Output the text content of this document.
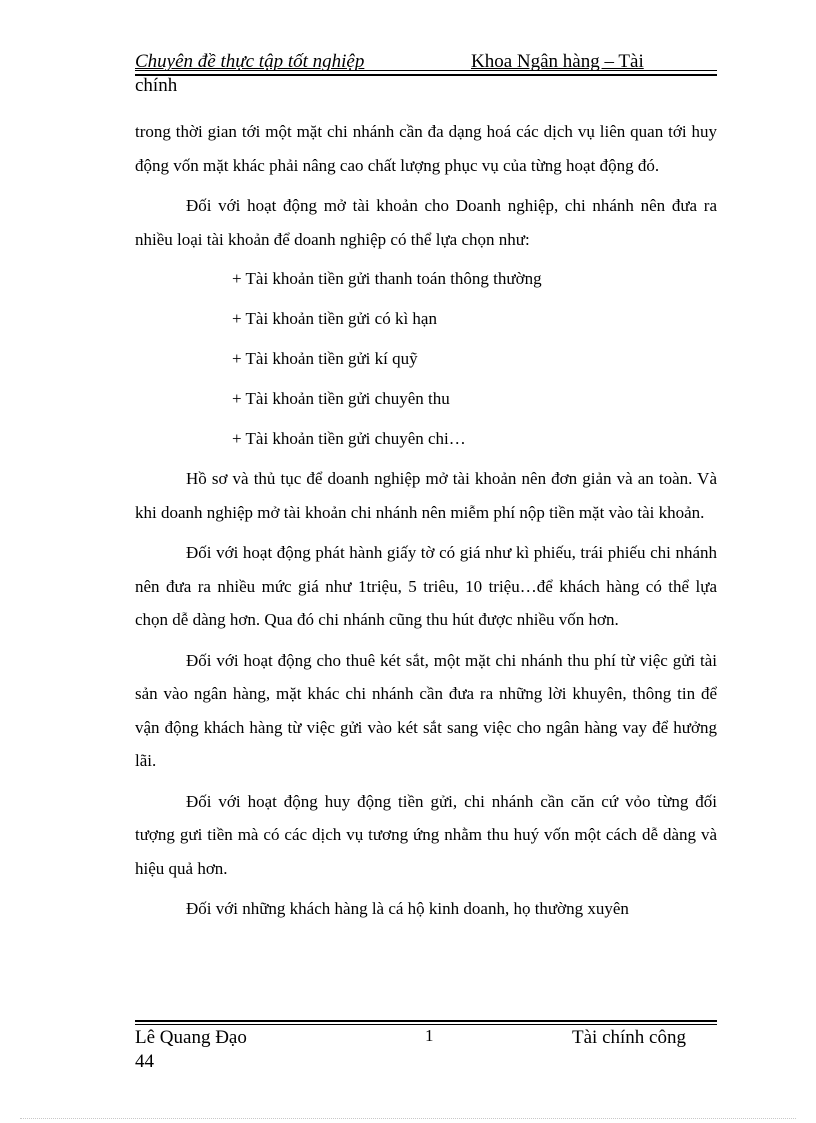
Chuyên đề thực tập tốt nghiệp	Khoa Ngân hàng – Tài
chính

trong thời gian tới một mặt chi nhánh cần đa dạng hoá các dịch vụ liên quan tới huy động vốn mặt khác phải nâng cao chất lượng phục vụ của từng hoạt động đó.

Đối với hoạt động mở tài khoản cho Doanh nghiệp, chi nhánh nên đưa ra nhiều loại tài khoản để doanh nghiệp có thể lựa chọn như:

+ Tài khoản tiền gửi thanh toán thông thường

+ Tài khoản tiền gửi có kì hạn

+ Tài khoản tiền gửi kí quỹ

+ Tài khoản tiền gửi chuyên thu

+ Tài khoản tiền gửi chuyên chi…

Hồ sơ và thủ tục để doanh nghiệp mở tài khoản nên đơn giản và an toàn. Và khi doanh nghiệp mở tài khoản chi nhánh nên miễm phí nộp tiền mặt vào tài khoản.

Đối với hoạt động phát hành giấy tờ có giá như kì phiếu, trái phiếu chi nhánh nên đưa ra nhiều mức giá như 1triệu, 5 triêu, 10 triệu…để khách hàng có thể lựa chọn dễ dàng hơn. Qua đó chi nhánh cũng thu hút được nhiều vốn hơn.

Đối với hoạt động cho thuê két sắt, một mặt chi nhánh thu phí từ việc gửi tài sản vào ngân hàng, mặt khác chi nhánh cần đưa ra những lời khuyên, thông tin để vận động khách hàng từ việc gửi vào két sắt sang việc cho ngân hàng vay để hưởng lãi.

Đối với hoạt động huy động tiền gửi, chi nhánh cần căn cứ vỏo từng đối tượng gưi tiền mà có các dịch vụ tương ứng nhằm thu huý vốn một cách dễ dàng và hiệu quả hơn.

Đối với những khách hàng là cá hộ kinh doanh, họ thường xuyên

Lê Quang Đạo
44
1	Tài chính công
